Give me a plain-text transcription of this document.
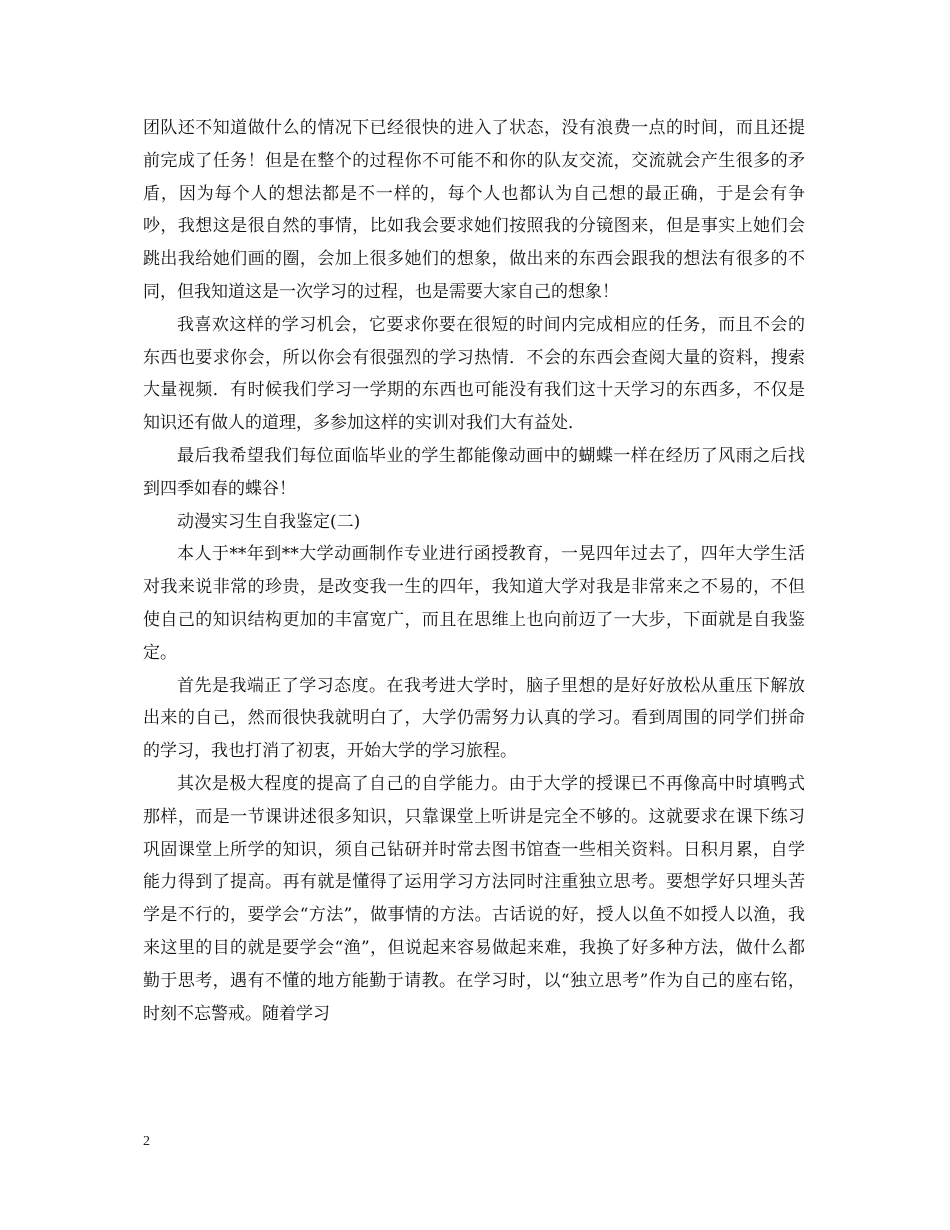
团队还不知道做什么的情况下已经很快的进入了状态，没有浪费一点的时间，而且还提前完成了任务！但是在整个的过程你不可能不和你的队友交流，交流就会产生很多的矛盾，因为每个人的想法都是不一样的，每个人也都认为自己想的最正确，于是会有争吵，我想这是很自然的事情，比如我会要求她们按照我的分镜图来，但是事实上她们会跳出我给她们画的圈，会加上很多她们的想象，做出来的东西会跟我的想法有很多的不同，但我知道这是一次学习的过程，也是需要大家自己的想象！

我喜欢这样的学习机会，它要求你要在很短的时间内完成相应的任务，而且不会的东西也要求你会，所以你会有很强烈的学习热情．不会的东西会查阅大量的资料，搜索大量视频．有时候我们学习一学期的东西也可能没有我们这十天学习的东西多，不仅是知识还有做人的道理，多参加这样的实训对我们大有益处．

最后我希望我们每位面临毕业的学生都能像动画中的蝴蝶一样在经历了风雨之后找到四季如春的蝶谷！

动漫实习生自我鉴定(二)

本人于**年到**大学动画制作专业进行函授教育，一晃四年过去了，四年大学生活对我来说非常的珍贵，是改变我一生的四年，我知道大学对我是非常来之不易的，不但使自己的知识结构更加的丰富宽广，而且在思维上也向前迈了一大步，下面就是自我鉴定。

首先是我端正了学习态度。在我考进大学时，脑子里想的是好好放松从重压下解放出来的自己，然而很快我就明白了，大学仍需努力认真的学习。看到周围的同学们拼命的学习，我也打消了初衷，开始大学的学习旅程。

其次是极大程度的提高了自己的自学能力。由于大学的授课已不再像高中时填鸭式那样，而是一节课讲述很多知识，只靠课堂上听讲是完全不够的。这就要求在课下练习巩固课堂上所学的知识，须自己钻研并时常去图书馆查一些相关资料。日积月累，自学能力得到了提高。再有就是懂得了运用学习方法同时注重独立思考。要想学好只埋头苦学是不行的，要学会“方法”，做事情的方法。古话说的好，授人以鱼不如授人以渔，我来这里的目的就是要学会“渔”，但说起来容易做起来难，我换了好多种方法，做什么都勤于思考，遇有不懂的地方能勤于请教。在学习时，以“独立思考”作为自己的座右铭，时刻不忘警戒。随着学习

2
